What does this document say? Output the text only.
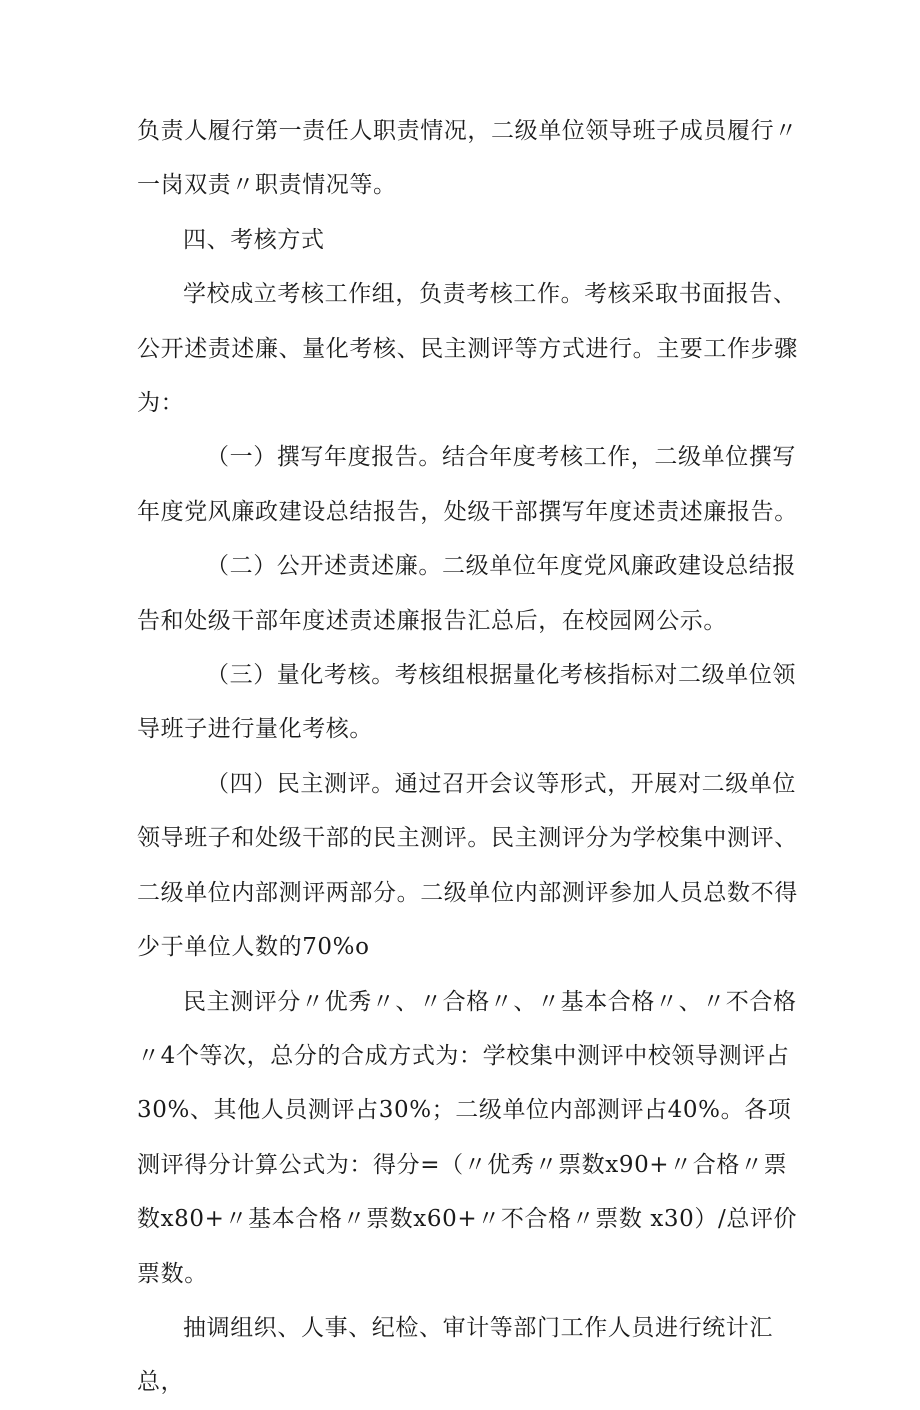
负责人履行第一责任人职责情况，二级单位领导班子成员履行〃一岗双责〃职责情况等。

四、考核方式

学校成立考核工作组，负责考核工作。考核采取书面报告、公开述责述廉、量化考核、民主测评等方式进行。主要工作步骤为：

（一）撰写年度报告。结合年度考核工作，二级单位撰写年度党风廉政建设总结报告，处级干部撰写年度述责述廉报告。

（二）公开述责述廉。二级单位年度党风廉政建设总结报告和处级干部年度述责述廉报告汇总后，在校园网公示。

（三）量化考核。考核组根据量化考核指标对二级单位领导班子进行量化考核。

（四）民主测评。通过召开会议等形式，开展对二级单位领导班子和处级干部的民主测评。民主测评分为学校集中测评、二级单位内部测评两部分。二级单位内部测评参加人员总数不得少于单位人数的70%o

民主测评分〃优秀〃、〃合格〃、〃基本合格〃、〃不合格〃4个等次，总分的合成方式为：学校集中测评中校领导测评占30%、其他人员测评占30%；二级单位内部测评占40%。各项测评得分计算公式为：得分=（〃优秀〃票数x90+〃合格〃票数x80+〃基本合格〃票数x60+〃不合格〃票数 x30）/总评价票数。

抽调组织、人事、纪检、审计等部门工作人员进行统计汇总，
